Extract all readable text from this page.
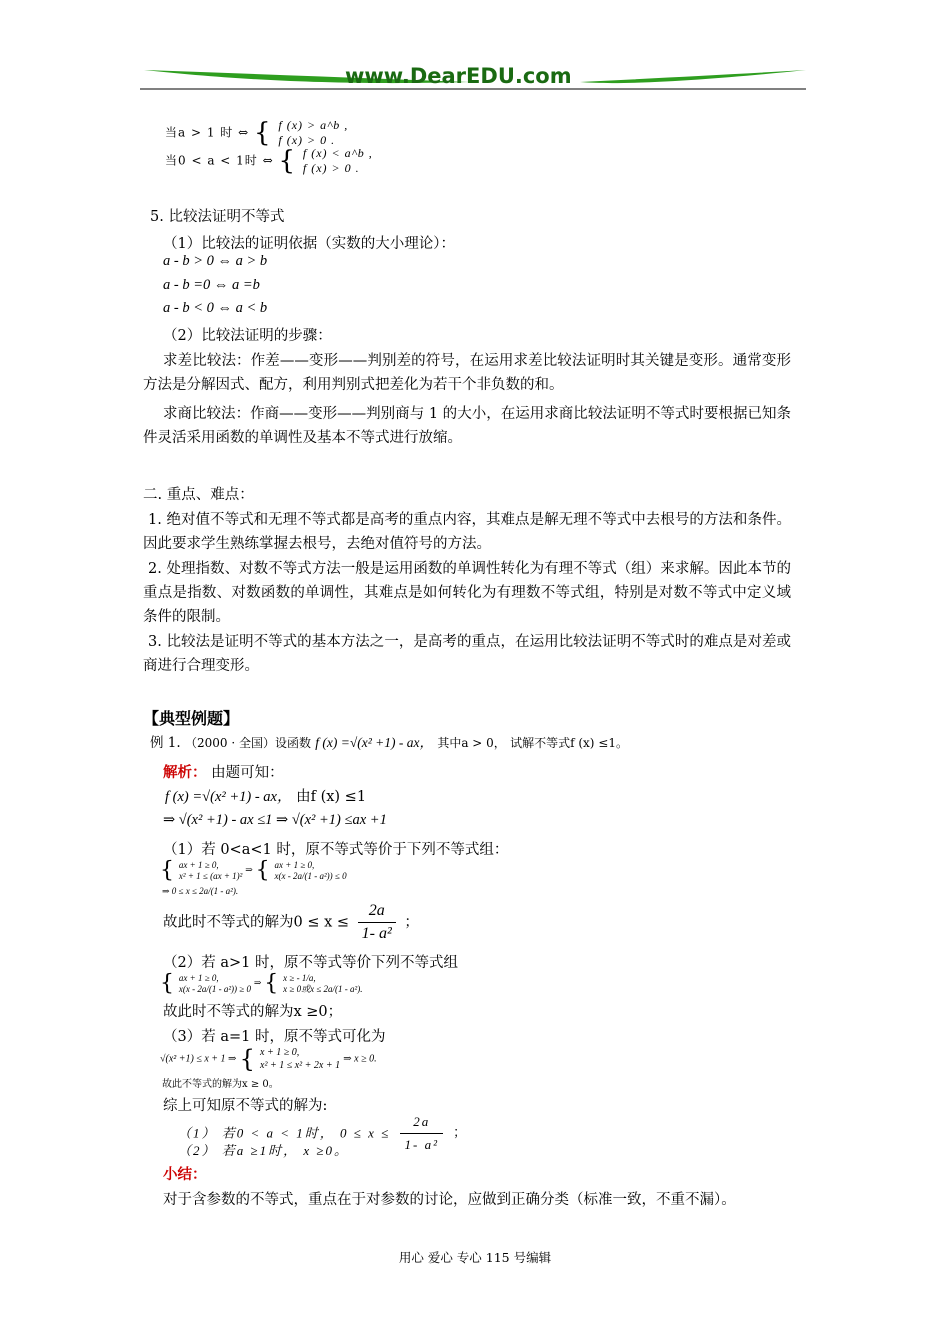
www.DearEDU.com
当a > 1 时 ⇔ { f (x) > a^b ,
f (x) > 0 .
当0 < a < 1时 ⇔ { f (x) < a^b ,
f (x) > 0 .
5. 比较法证明不等式
（1）比较法的证明依据（实数的大小理论）：
a - b > 0 ⇔ a > b
a - b =0 ⇔ a =b
a - b < 0 ⇔ a < b
（2）比较法证明的步骤：
求差比较法：作差——变形——判别差的符号，在运用求差比较法证明时其关键是变形。通常变形方法是分解因式、配方，利用判别式把差化为若干个非负数的和。
求商比较法：作商——变形——判别商与 1 的大小，在运用求商比较法证明不等式时要根据已知条件灵活采用函数的单调性及基本不等式进行放缩。
二. 重点、难点：
1. 绝对值不等式和无理不等式都是高考的重点内容，其难点是解无理不等式中去根号的方法和条件。因此要求学生熟练掌握去根号，去绝对值符号的方法。
2. 处理指数、对数不等式方法一般是运用函数的单调性转化为有理不等式（组）来求解。因此本节的重点是指数、对数函数的单调性，其难点是如何转化为有理数不等式组，特别是对数不等式中定义域条件的限制。
3. 比较法是证明不等式的基本方法之一，是高考的重点，在运用比较法证明不等式时的难点是对差或商进行合理变形。
【典型例题】
例 1. （2000 · 全国）设函数 f (x) =√(x² +1) - ax， 其中a > 0， 试解不等式f (x) ≤1。
解析： 由题可知：
f (x) =√(x² +1) - ax， 由f (x) ≤1
⇒ √(x² +1) - ax ≤1 ⇒ √(x² +1) ≤ax +1
（1）若 0<a<1 时，原不等式等价于下列不等式组：
{ ax + 1 ≥ 0,
x² + 1 ≤ (ax + 1)²
⇒ { ax + 1 ≥ 0,
x(x - 2a/(1 - a²)) ≤ 0
⇒ 0 ≤ x ≤ 2a/(1 - a²).
故此时不等式的解为$0 \le x \le \frac{2a}{\text{1- a²}}$ ；
（2）若 a>1 时，原不等式等价下列不等式组
{ ax + 1 ≥ 0,
x(x - 2a/(1 - a²)) ≥ 0
⇒ { x ≥ - 1/a,
x ≥ 0或x ≤ 2a/(1 - a²).
故此时不等式的解为x ≥0；
（3）若 a=1 时，原不等式可化为
√(x² +1) ≤ x + 1 ⇒ { x + 1 ≥ 0,
x² + 1 ≤ x² + 2x + 1
⇒ x ≥ 0.
故此不等式的解为x ≥ 0。
综上可知原不等式的解为:
（1） 若0 < a < 1时， $0 \le x \le \frac{2a}{\text{1- a²}}$ ；
（2） 若a ≥1时， x ≥0。
小结：
对于含参数的不等式，重点在于对参数的讨论，应做到正确分类（标准一致，不重不漏）。
用心 爱心 专心 115 号编辑
